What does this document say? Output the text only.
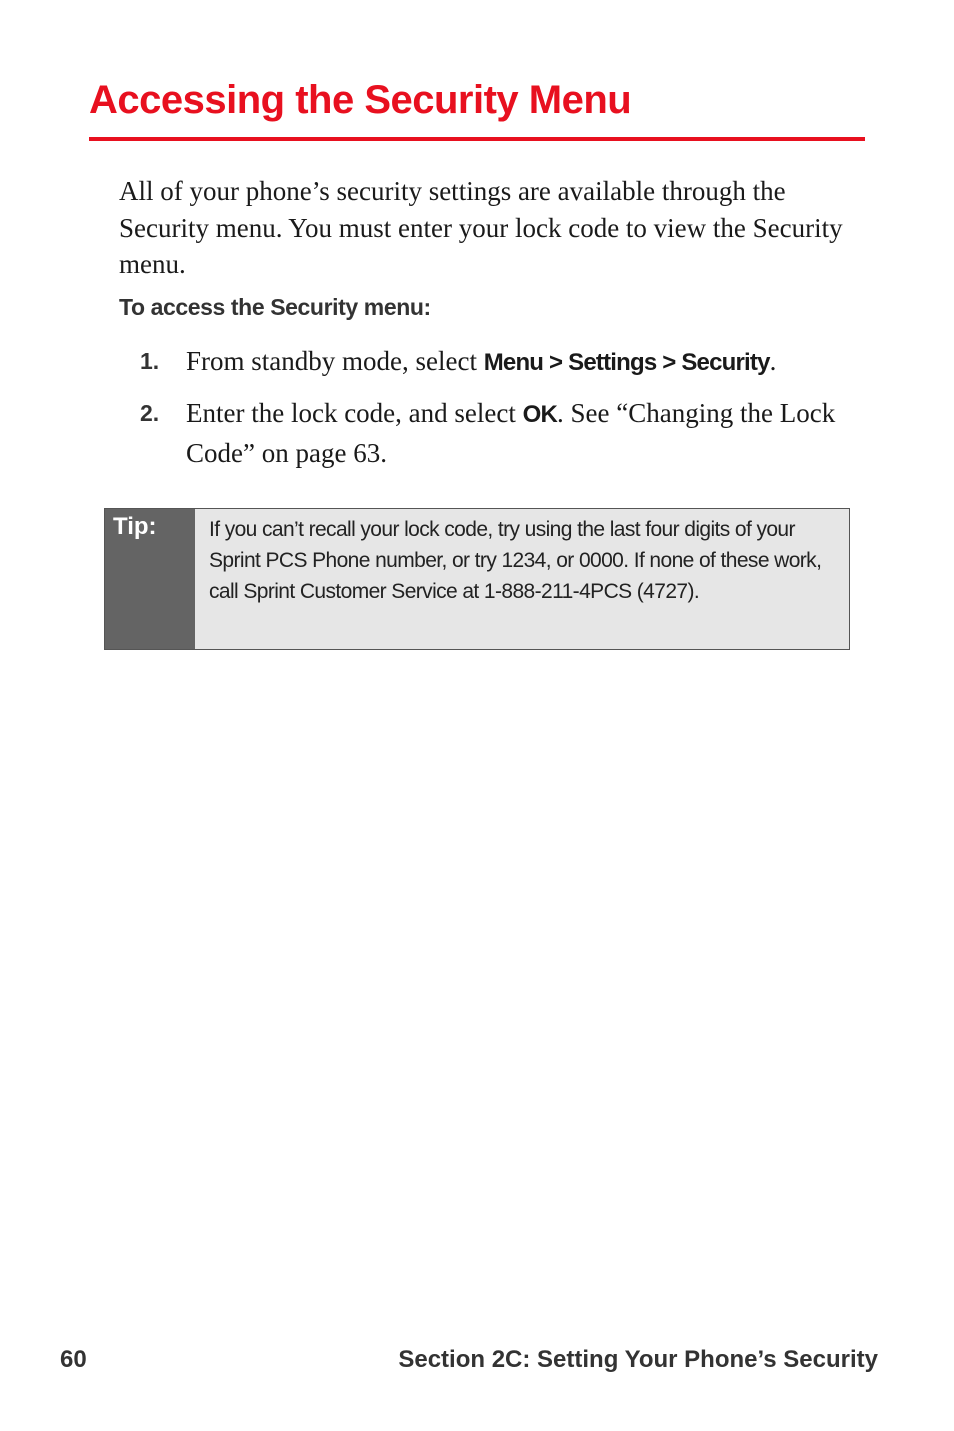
Accessing the Security Menu

All of your phone’s security settings are available through the Security menu. You must enter your lock code to view the Security menu.

To access the Security menu:

1. From standby mode, select Menu > Settings > Security.
2. Enter the lock code, and select OK. See “Changing the Lock Code” on page 63.
Tip:	If you can’t recall your lock code, try using the last four digits of your Sprint PCS Phone number, or try 1234, or 0000. If none of these work, call Sprint Customer Service at 1-888-211-4PCS (4727).
60	Section 2C: Setting Your Phone’s Security
